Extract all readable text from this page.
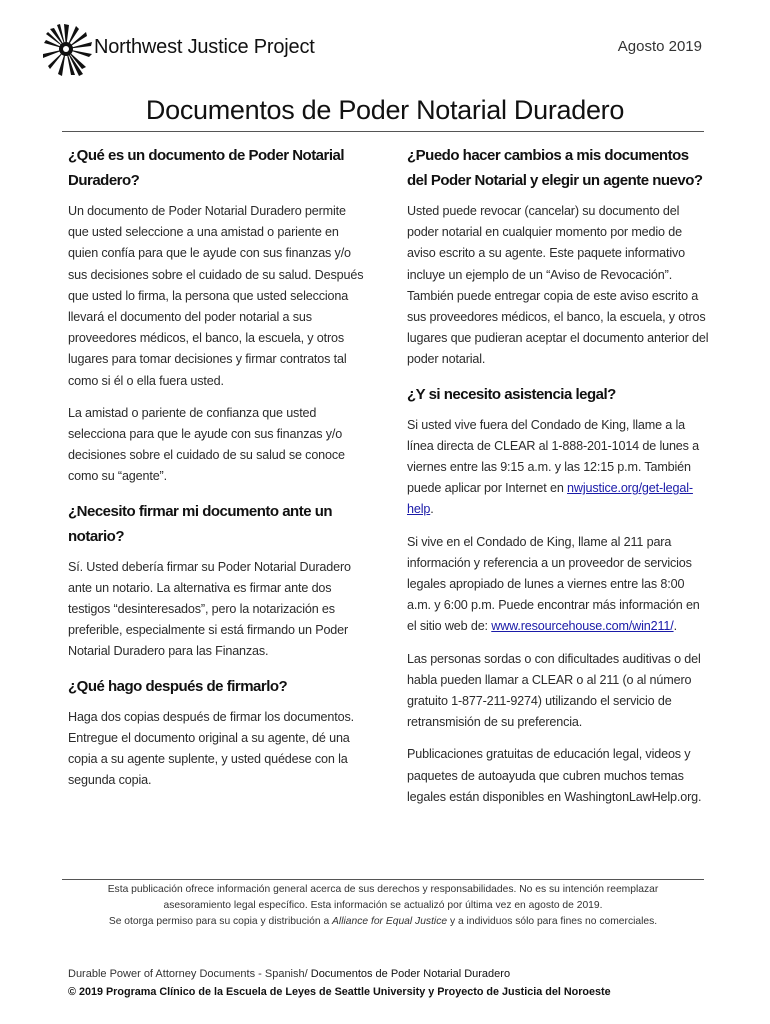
Northwest Justice Project	Agosto 2019
Documentos de Poder Notarial Duradero
¿Qué es un documento de Poder Notarial Duradero?

Un documento de Poder Notarial Duradero permite que usted seleccione a una amistad o pariente en quien confía para que le ayude con sus finanzas y/o sus decisiones sobre el cuidado de su salud. Después que usted lo firma, la persona que usted selecciona llevará el documento del poder notarial a sus proveedores médicos, el banco, la escuela, y otros lugares para tomar decisiones y firmar contratos tal como si él o ella fuera usted.

La amistad o pariente de confianza que usted selecciona para que le ayude con sus finanzas y/o decisiones sobre el cuidado de su salud se conoce como su “agente”.

¿Necesito firmar mi documento ante un notario?

Sí. Usted debería firmar su Poder Notarial Duradero ante un notario. La alternativa es firmar ante dos testigos “desinteresados”, pero la notarización es preferible, especialmente si está firmando un Poder Notarial Duradero para las Finanzas.

¿Qué hago después de firmarlo?

Haga dos copias después de firmar los documentos. Entregue el documento original a su agente, dé una copia a su agente suplente, y usted quédese con la segunda copia.

¿Puedo hacer cambios a mis documentos del Poder Notarial y elegir un agente nuevo?

Usted puede revocar (cancelar) su documento del poder notarial en cualquier momento por medio de aviso escrito a su agente. Este paquete informativo incluye un ejemplo de un “Aviso de Revocación”. También puede entregar copia de este aviso escrito a sus proveedores médicos, el banco, la escuela, y otros lugares que pudieran aceptar el documento anterior del poder notarial.

¿Y si necesito asistencia legal?

Si usted vive fuera del Condado de King, llame a la línea directa de CLEAR al 1-888-201-1014 de lunes a viernes entre las 9:15 a.m. y las 12:15 p.m. También puede aplicar por Internet en nwjustice.org/get-legal-help.

Si vive en el Condado de King, llame al 211 para información y referencia a un proveedor de servicios legales apropiado de lunes a viernes entre las 8:00 a.m. y 6:00 p.m. Puede encontrar más información en el sitio web de: www.resourcehouse.com/win211/.

Las personas sordas o con dificultades auditivas o del habla pueden llamar a CLEAR o al 211 (o al número gratuito 1-877-211-9274) utilizando el servicio de retransmisión de su preferencia.

Publicaciones gratuitas de educación legal, videos y paquetes de autoayuda que cubren muchos temas legales están disponibles en WashingtonLawHelp.org.

Esta publicación ofrece información general acerca de sus derechos y responsabilidades. No es su intención reemplazar
asesoramiento legal específico. Esta información se actualizó por última vez en agosto de 2019.
Se otorga permiso para su copia y distribución a Alliance for Equal Justice y a individuos sólo para fines no comerciales.
Durable Power of Attorney Documents - Spanish/ Documentos de Poder Notarial Duradero
© 2019 Programa Clínico de la Escuela de Leyes de Seattle University y Proyecto de Justicia del Noroeste
